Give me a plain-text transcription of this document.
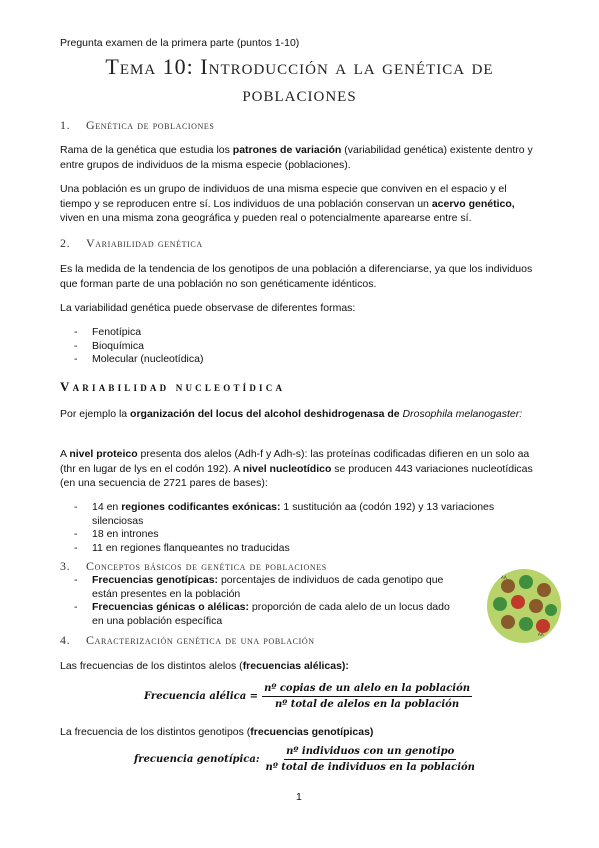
Pregunta examen de la primera parte (puntos 1-10)
Tema 10: Introducción a la genética de
poblaciones
1. Genética de poblaciones
Rama de la genética que estudia los patrones de variación (variabilidad genética) existente dentro y entre grupos de individuos de la misma especie (poblaciones).
Una población es un grupo de individuos de una misma especie que conviven en el espacio y el tiempo y se reproducen entre sí. Los individuos de una población conservan un acervo genético, viven en una misma zona geográfica y pueden real o potencialmente aparearse entre sí.
2. Variabilidad genética
Es la medida de la tendencia de los genotipos de una población a diferenciarse, ya que los individuos que forman parte de una población no son genéticamente idénticos.
La variabilidad genética puede observase de diferentes formas:
- Fenotípica
- Bioquímica
- Molecular (nucleotídica)
Variabilidad nucleotídica
Por ejemplo la organización del locus del alcohol deshidrogenasa de Drosophila melanogaster:
A nivel proteico presenta dos alelos (Adh-f y Adh-s): las proteínas codificadas difieren en un solo aa (thr en lugar de lys en el codón 192). A nivel nucleotídico se producen 443 variaciones nucleotídicas (en una secuencia de 2721 pares de bases):
- 14 en regiones codificantes exónicas: 1 sustitución aa (codón 192) y 13 variaciones silenciosas
- 18 en intrones
- 11 en regiones flanqueantes no traducidas
3. Conceptos básicos de genética de poblaciones
- Frecuencias genotípicas: porcentajes de individuos de cada genotipo que están presentes en la población
- Frecuencias génicas o alélicas: proporción de cada alelo de un locus dado en una población específica
AA
AA
4. Caracterización genética de una población
Las frecuencias de los distintos alelos (frecuencias alélicas):
Frecuencia alélica = $\frac{\text{nº copias de un alelo en la población}}{\text{nº total de alelos en la población}}$
La frecuencia de los distintos genotipos (frecuencias genotípicas)
frecuencia genotípica: $\frac{\text{nº individuos con un genotipo}}{\text{nº total de individuos en la población}}$
1
